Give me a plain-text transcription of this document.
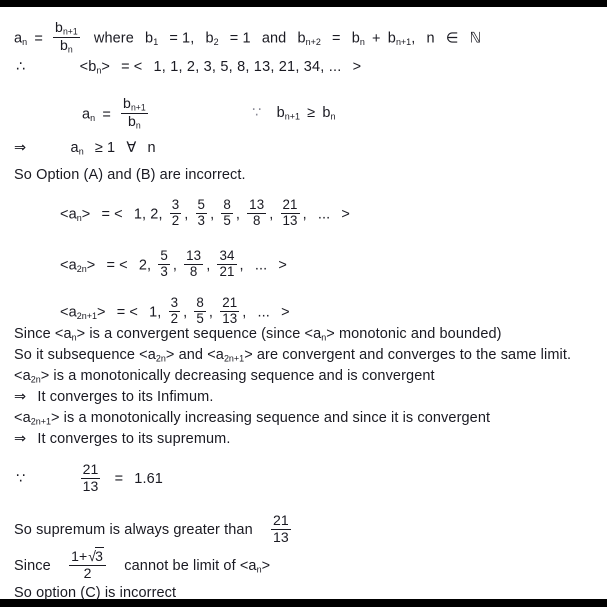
$a_n = \frac{b_{n+1}}{b_n}$ where $b_1 = 1$, $b_2 = 1$ and $b_{n+2} = b_n + b_{n+1}$, n ∈ ℕ
∴	$<b_n>$ = < 1, 1, 2, 3, 5, 8, 13, 21, 34, ... >
$a_n = \frac{b_{n+1}}{b_n}$	∵ $b_{n+1} \ge b_n$
⇒	$a_n \ge 1$ ∀ n
So Option (A) and (B) are incorrect.
$<a_n>$ = < 1, 2, $\frac{3}{2}$ , $\frac{5}{3}$ , $\frac{8}{5}$ , $\frac{13}{8}$ , $\frac{21}{13}$ , ... >
$<a_{2n}>$ = < 2, $\frac{5}{3}$ , $\frac{13}{8}$ , $\frac{34}{21}$ , ... >
$<a_{2n+1}>$ = < 1, $\frac{3}{2}$ , $\frac{8}{5}$ , $\frac{21}{13}$ , ... >
Since $<a_n>$ is a convergent sequence (since $<a_n>$ monotonic and bounded)
So it subsequence $<a_{2n}>$ and $<a_{2n+1}>$ are convergent and converges to the same limit.
$<a_{2n}>$ is a monotonically decreasing sequence and is convergent
⇒ It converges to its Infimum.
$<a_{2n+1}>$ is a monotonically increasing sequence and since it is convergent
⇒ It converges to its supremum.
∵	$\frac{21}{13} = 1.61$
So supremum is always greater than $\frac{21}{13}$
Since $\frac{1+√3}{2}$ cannot be limit of $<a_n>$
So option (C) is incorrect
